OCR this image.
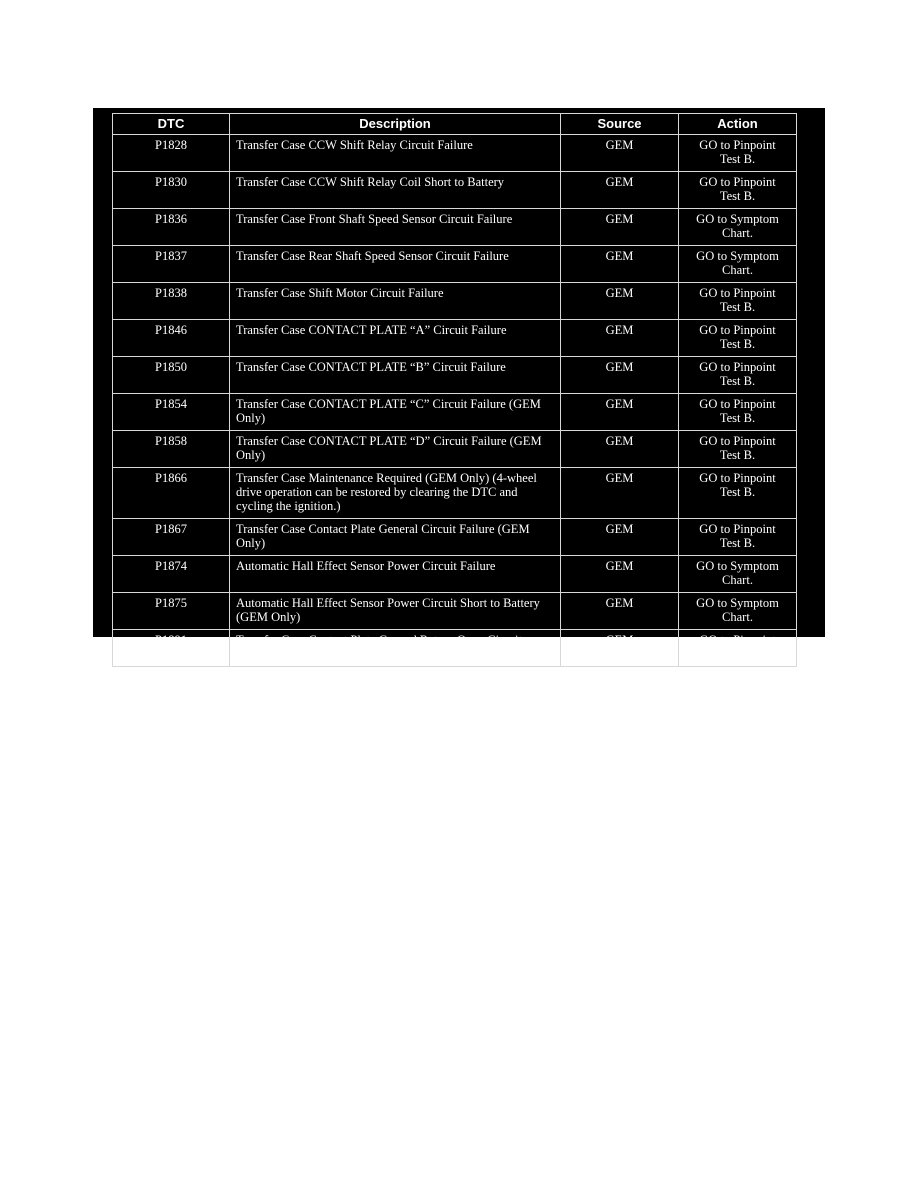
DTC	Description	Source	Action
P1828	Transfer Case CCW Shift Relay Circuit Failure	GEM	GO to Pinpoint
Test B.

P1830	Transfer Case CCW Shift Relay Coil Short to Battery	GEM	GO to Pinpoint
Test B.

P1836	Transfer Case Front Shaft Speed Sensor Circuit Failure	GEM	GO to Symptom
Chart.

P1837	Transfer Case Rear Shaft Speed Sensor Circuit Failure	GEM	GO to Symptom
Chart.

P1838	Transfer Case Shift Motor Circuit Failure	GEM	GO to Pinpoint
Test B.

P1846	Transfer Case CONTACT PLATE “A” Circuit Failure	GEM	GO to Pinpoint
Test B.

P1850	Transfer Case CONTACT PLATE “B” Circuit Failure	GEM	GO to Pinpoint
Test B.

P1854	Transfer Case CONTACT PLATE “C” Circuit Failure (GEM Only)	GEM	GO to Pinpoint
Test B.

P1858	Transfer Case CONTACT PLATE “D” Circuit Failure (GEM Only)	GEM	GO to Pinpoint
Test B.

P1866	Transfer Case Maintenance Required (GEM Only) (4-wheel drive operation can be restored by clearing the DTC and cycling the ignition.)	GEM	GO to Pinpoint
Test B.

P1867	Transfer Case Contact Plate General Circuit Failure (GEM Only)	GEM	GO to Pinpoint
Test B.

P1874	Automatic Hall Effect Sensor Power Circuit Failure	GEM	GO to Symptom
Chart.

P1875	Automatic Hall Effect Sensor Power Circuit Short to Battery (GEM Only)	GEM	GO to Symptom
Chart.

P1891	Transfer Case Contact Plate Ground Return Open Circuit	GEM	GO to Pinpoint
Test B.
